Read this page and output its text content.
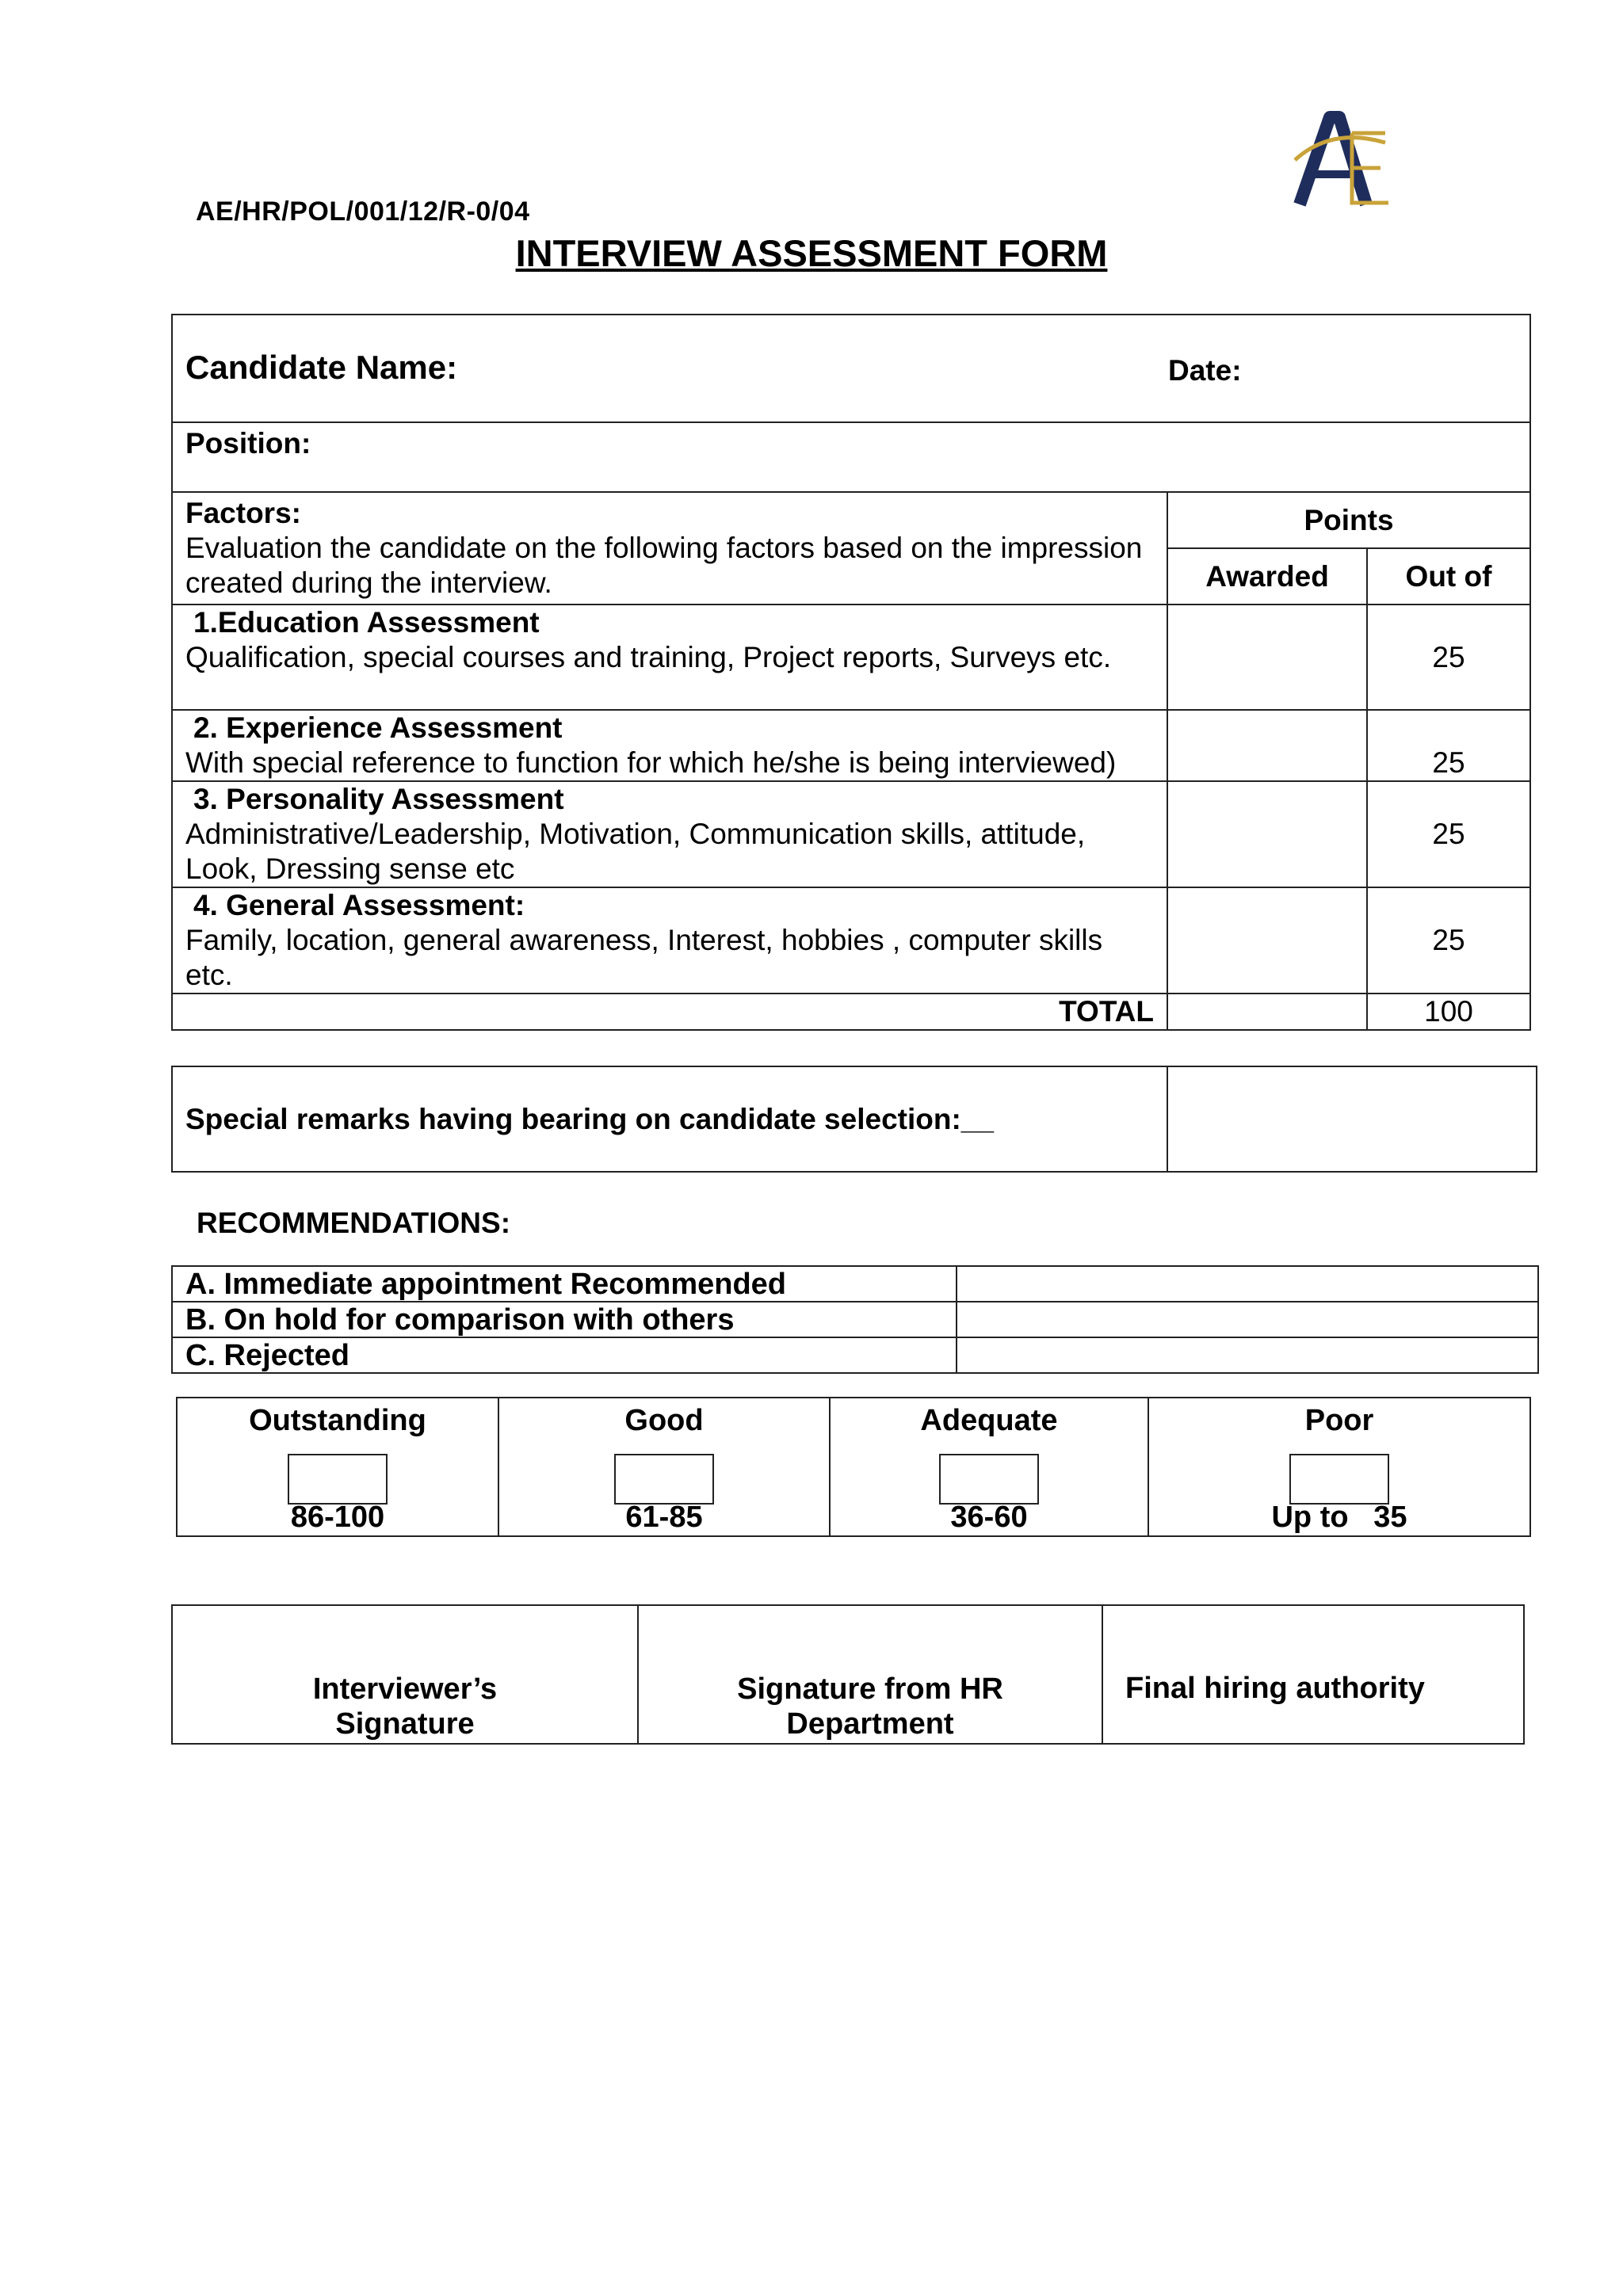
AE/HR/POL/001/12/R-0/04
INTERVIEW ASSESSMENT FORM
Candidate Name: Date:		

Position:		

Factors:
Evaluation the candidate on the following factors based on the impression created during the interview.	Points	
	Awarded	Out of

1.Education Assessment
Qualification, special courses and training, Project reports, Surveys etc.		25

2. Experience Assessment
With special reference to function for which he/she is being interviewed)		25

3. Personality Assessment
Administrative/Leadership, Motivation, Communication skills, attitude, Look, Dressing sense etc		25

4. General Assessment:
Family, location, general awareness, Interest, hobbies , computer skills etc.		25
TOTAL		100
Special remarks having bearing on candidate selection:__	
RECOMMENDATIONS:
A. Immediate appointment Recommended	
B. On hold for comparison with others	
C. Rejected	
Outstanding
86-100

Good
61-85

Adequate
36-60

Poor
Up to   35
Interviewer’s Signature

Signature from HR Department

Final hiring authority
